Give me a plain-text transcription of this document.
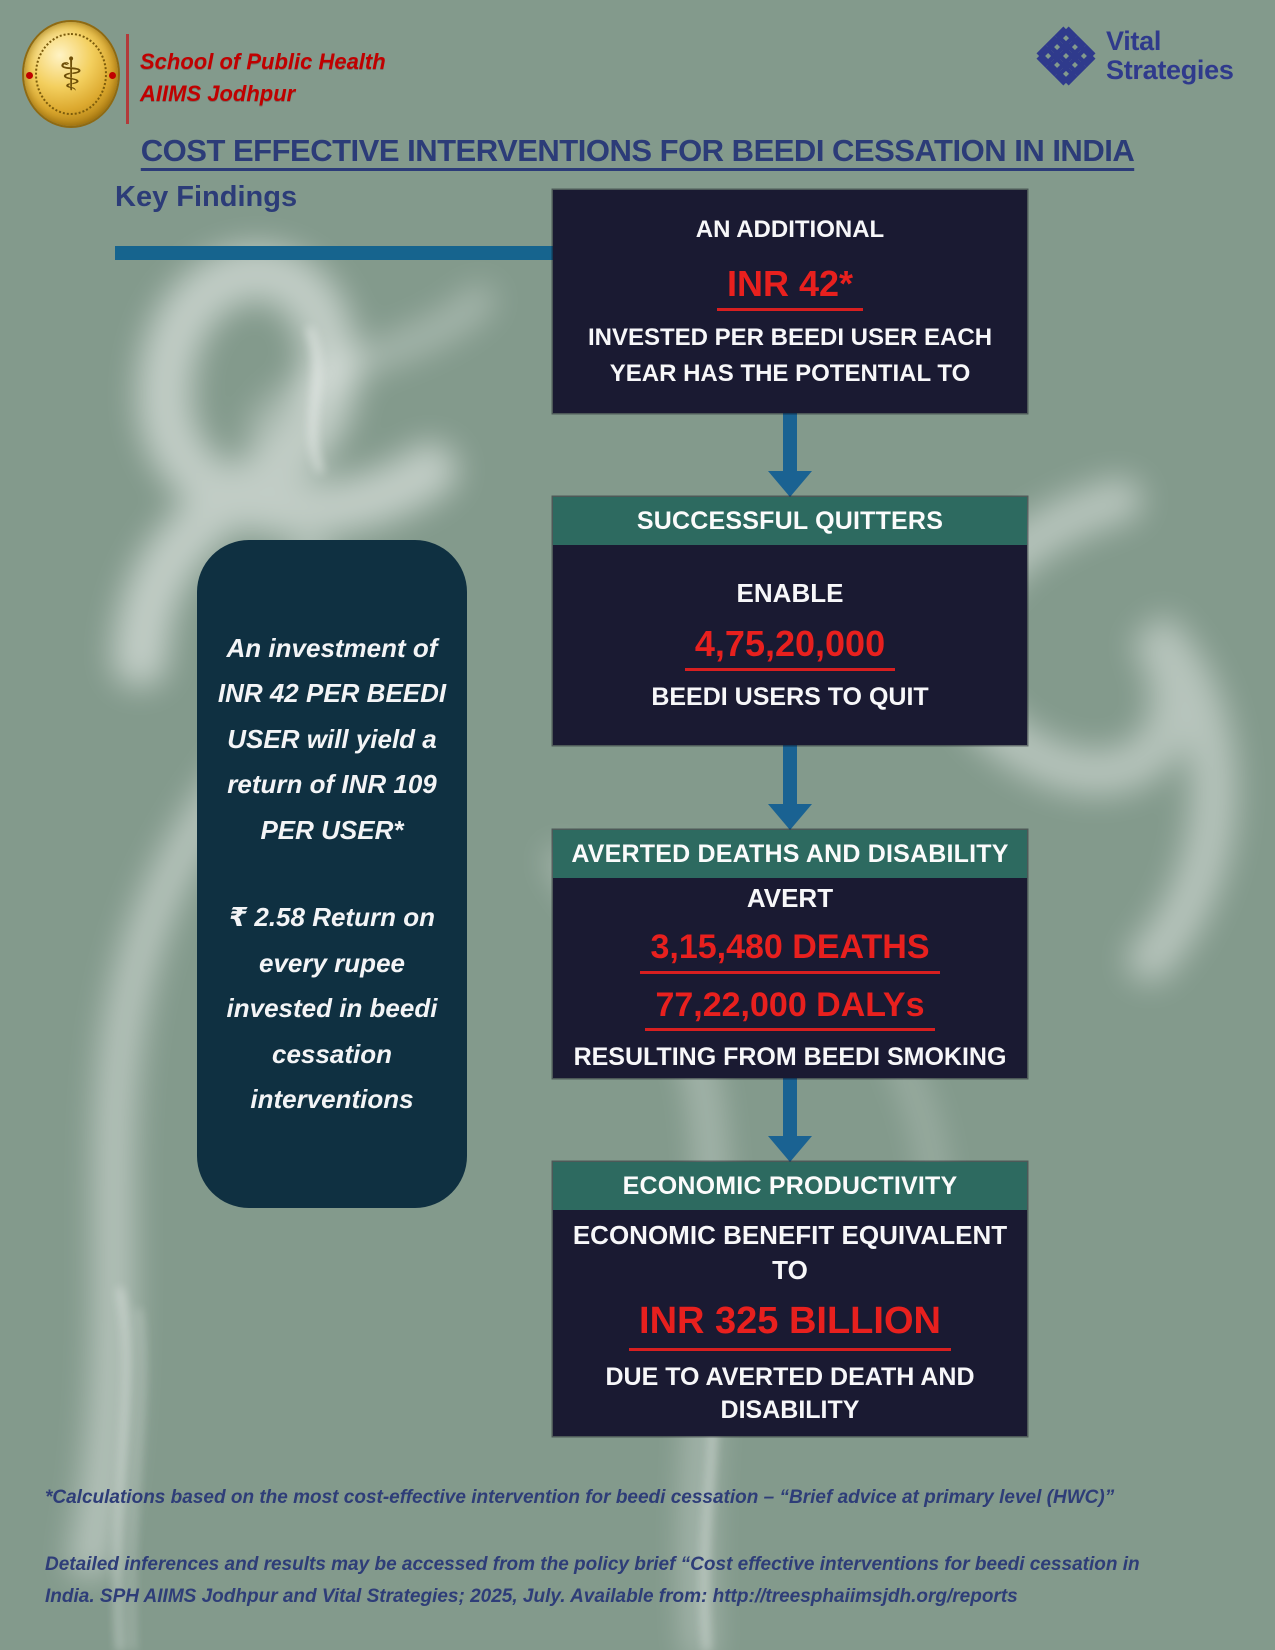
⚕	School of Public Health
AIIMS Jodhpur
Vital
Strategies
COST EFFECTIVE INTERVENTIONS FOR BEEDI CESSATION IN INDIA
Key Findings
AN ADDITIONAL
INR 42*
INVESTED PER BEEDI USER EACH YEAR HAS THE POTENTIAL TO
SUCCESSFUL QUITTERS
ENABLE
4,75,20,000
BEEDI USERS TO QUIT
AVERTED DEATHS AND DISABILITY
AVERT
3,15,480 DEATHS
77,22,000 DALYs
RESULTING FROM BEEDI SMOKING
ECONOMIC PRODUCTIVITY
ECONOMIC BENEFIT EQUIVALENT TO
INR 325 BILLION
DUE TO AVERTED DEATH AND DISABILITY

An investment of INR 42 PER BEEDI USER will yield a return of INR 109 PER USER*

₹ 2.58 Return on every rupee invested in beedi cessation interventions

*Calculations based on the most cost-effective intervention for beedi cessation – “Brief advice at primary level (HWC)”

Detailed inferences and results may be accessed from the policy brief “Cost effective interventions for beedi cessation in India. SPH AIIMS Jodhpur and Vital Strategies; 2025, July. Available from: http://treesphaiimsjdh.org/reports
